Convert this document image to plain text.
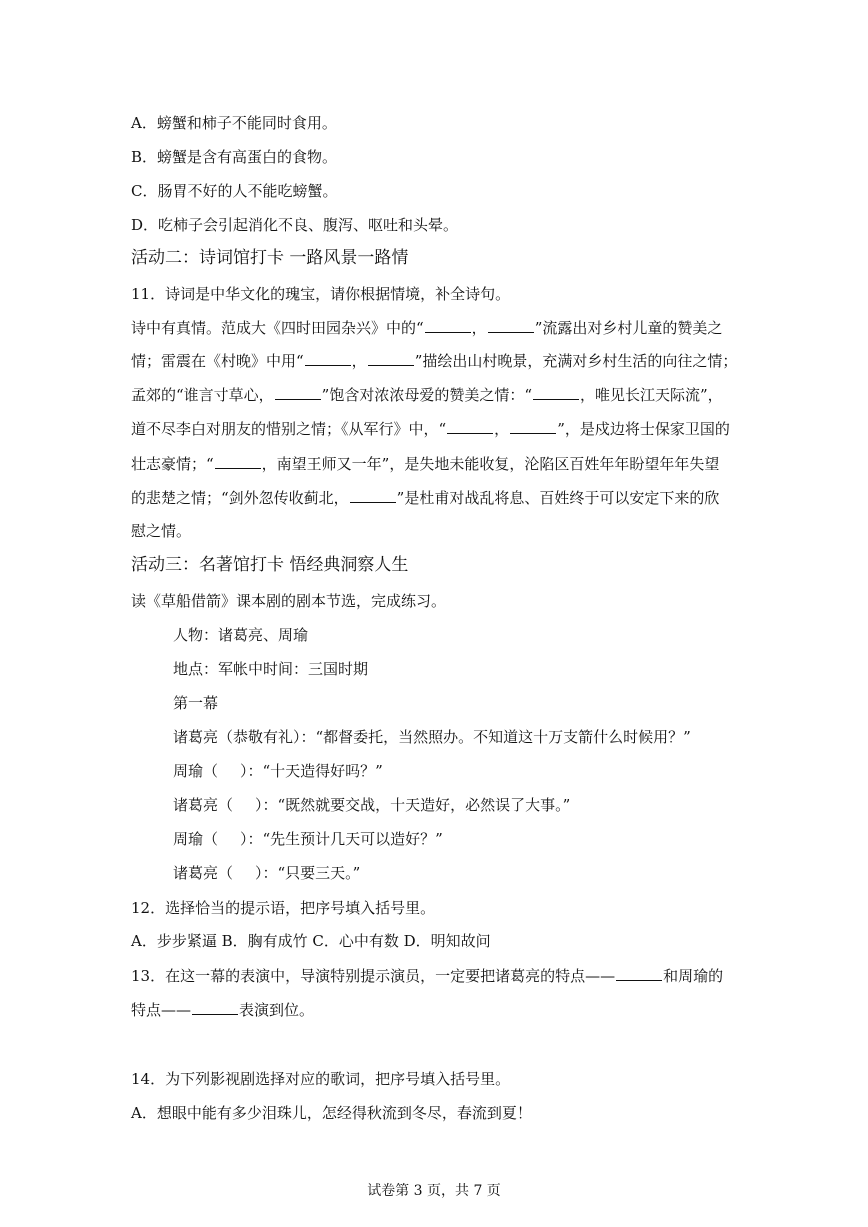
A．螃蟹和柿子不能同时食用。
B．螃蟹是含有高蛋白的食物。
C．肠胃不好的人不能吃螃蟹。
D．吃柿子会引起消化不良、腹泻、呕吐和头晕。
活动二：诗词馆打卡 一路风景一路情
11．诗词是中华文化的瑰宝，请你根据情境，补全诗句。
诗中有真情。范成大《四时田园杂兴》中的“	，	”流露出对乡村儿童的赞美之
情；雷震在《村晚》中用“	，	”描绘出山村晚景，充满对乡村生活的向往之情；
孟郊的“谁言寸草心，	”饱含对浓浓母爱的赞美之情：“	，唯见长江天际流”，
道不尽李白对朋友的惜别之情；《从军行》中，“	，	”，是戍边将士保家卫国的
壮志豪情；“	，南望王师又一年”，是失地未能收复，沦陷区百姓年年盼望年年失望
的悲楚之情；“剑外忽传收蓟北，	”是杜甫对战乱将息、百姓终于可以安定下来的欣
慰之情。
活动三：名著馆打卡 悟经典洞察人生
读《草船借箭》课本剧的剧本节选，完成练习。
人物：诸葛亮、周瑜
地点：军帐中时间：三国时期
第一幕
诸葛亮（恭敬有礼）：“都督委托，当然照办。不知道这十万支箭什么时候用？”
周瑜（ ）：“十天造得好吗？”
诸葛亮（ ）：“既然就要交战，十天造好，必然误了大事。”
周瑜（ ）：“先生预计几天可以造好？”
诸葛亮（ ）：“只要三天。”
12．选择恰当的提示语，把序号填入括号里。
A．步步紧逼 B．胸有成竹 C．心中有数 D．明知故问
13．在这一幕的表演中，导演特别提示演员，一定要把诸葛亮的特点——	和周瑜的
特点——	表演到位。
14．为下列影视剧选择对应的歌词，把序号填入括号里。
A．想眼中能有多少泪珠儿，怎经得秋流到冬尽，春流到夏！
试卷第 3 页，共 7 页
